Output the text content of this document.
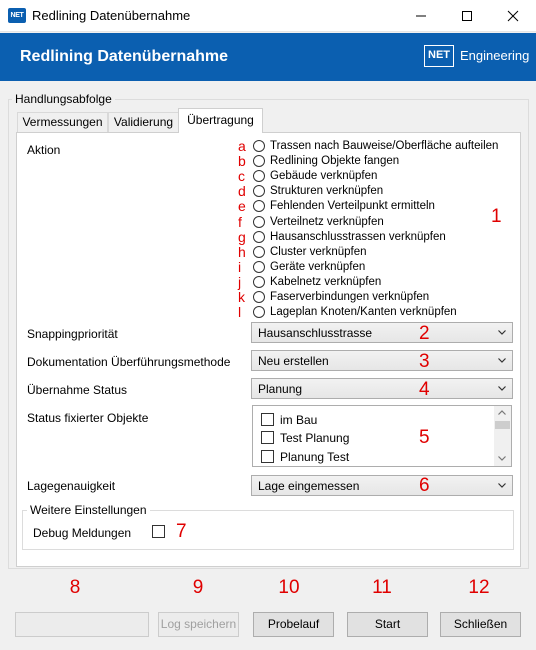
NET Redlining Datenübernahme
Redlining Datenübernahme	NET Engineering
Handlungsabfolge
Vermessungen Validierung	Übertragung
Aktion	a Trassen nach Bauweise/Oberfläche aufteilen
b Redlining Objekte fangen
c Gebäude verknüpfen
d Strukturen verknüpfen
e Fehlenden Verteilpunkt ermitteln
f	Verteilnetz verknüpfen
g Hausanschlusstrassen verknüpfen
h Cluster verknüpfen
i	Geräte verknüpfen
j	Kabelnetz verknüpfen
k Faserverbindungen verknüpfen
l	Lageplan Knoten/Kanten verknüpfen
1
Snappingpriorität	Hausanschlusstrasse 2
Dokumentation Überführungsmethode Neu erstellen	3
Übernahme Status	Planung	4
Status fixierter Objekte	im Bau
Test Planung
Planung Test
5
Lagegenauigkeit	Lage eingemessen	6
Weitere Einstellungen
Debug Meldungen 7
8	9	10	11	12
Log speichern	Probelauf	Start	Schließen
